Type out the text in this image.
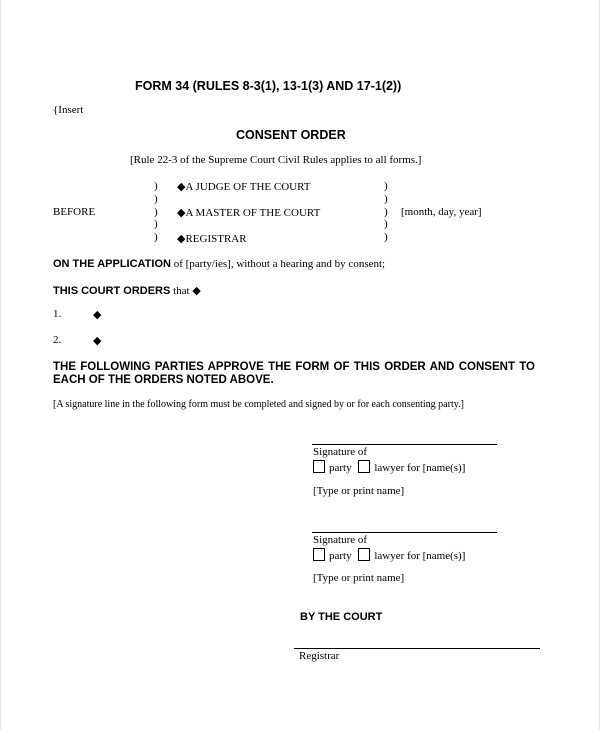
FORM 34 (RULES 8-3(1), 13-1(3) AND 17-1(2))
{Insert
CONSENT ORDER
[Rule 22-3 of the Supreme Court Civil Rules applies to all forms.]
)
)
)
)
)
BEFORE
◆A JUDGE OF THE COURT
◆A MASTER OF THE COURT
◆REGISTRAR
)
)
)
)
)
[month, day, year]
ON THE APPLICATION of [party/ies], without a hearing and by consent;
THIS COURT ORDERS that ◆
1.	◆
2.	◆
THE FOLLOWING PARTIES APPROVE THE FORM OF THIS ORDER AND CONSENT TO EACH OF THE ORDERS NOTED ABOVE.
[A signature line in the following form must be completed and signed by or for each consenting party.]
Signature of
party lawyer for [name(s)]
[Type or print name]
Signature of
party lawyer for [name(s)]
[Type or print name]
BY THE COURT
Registrar
